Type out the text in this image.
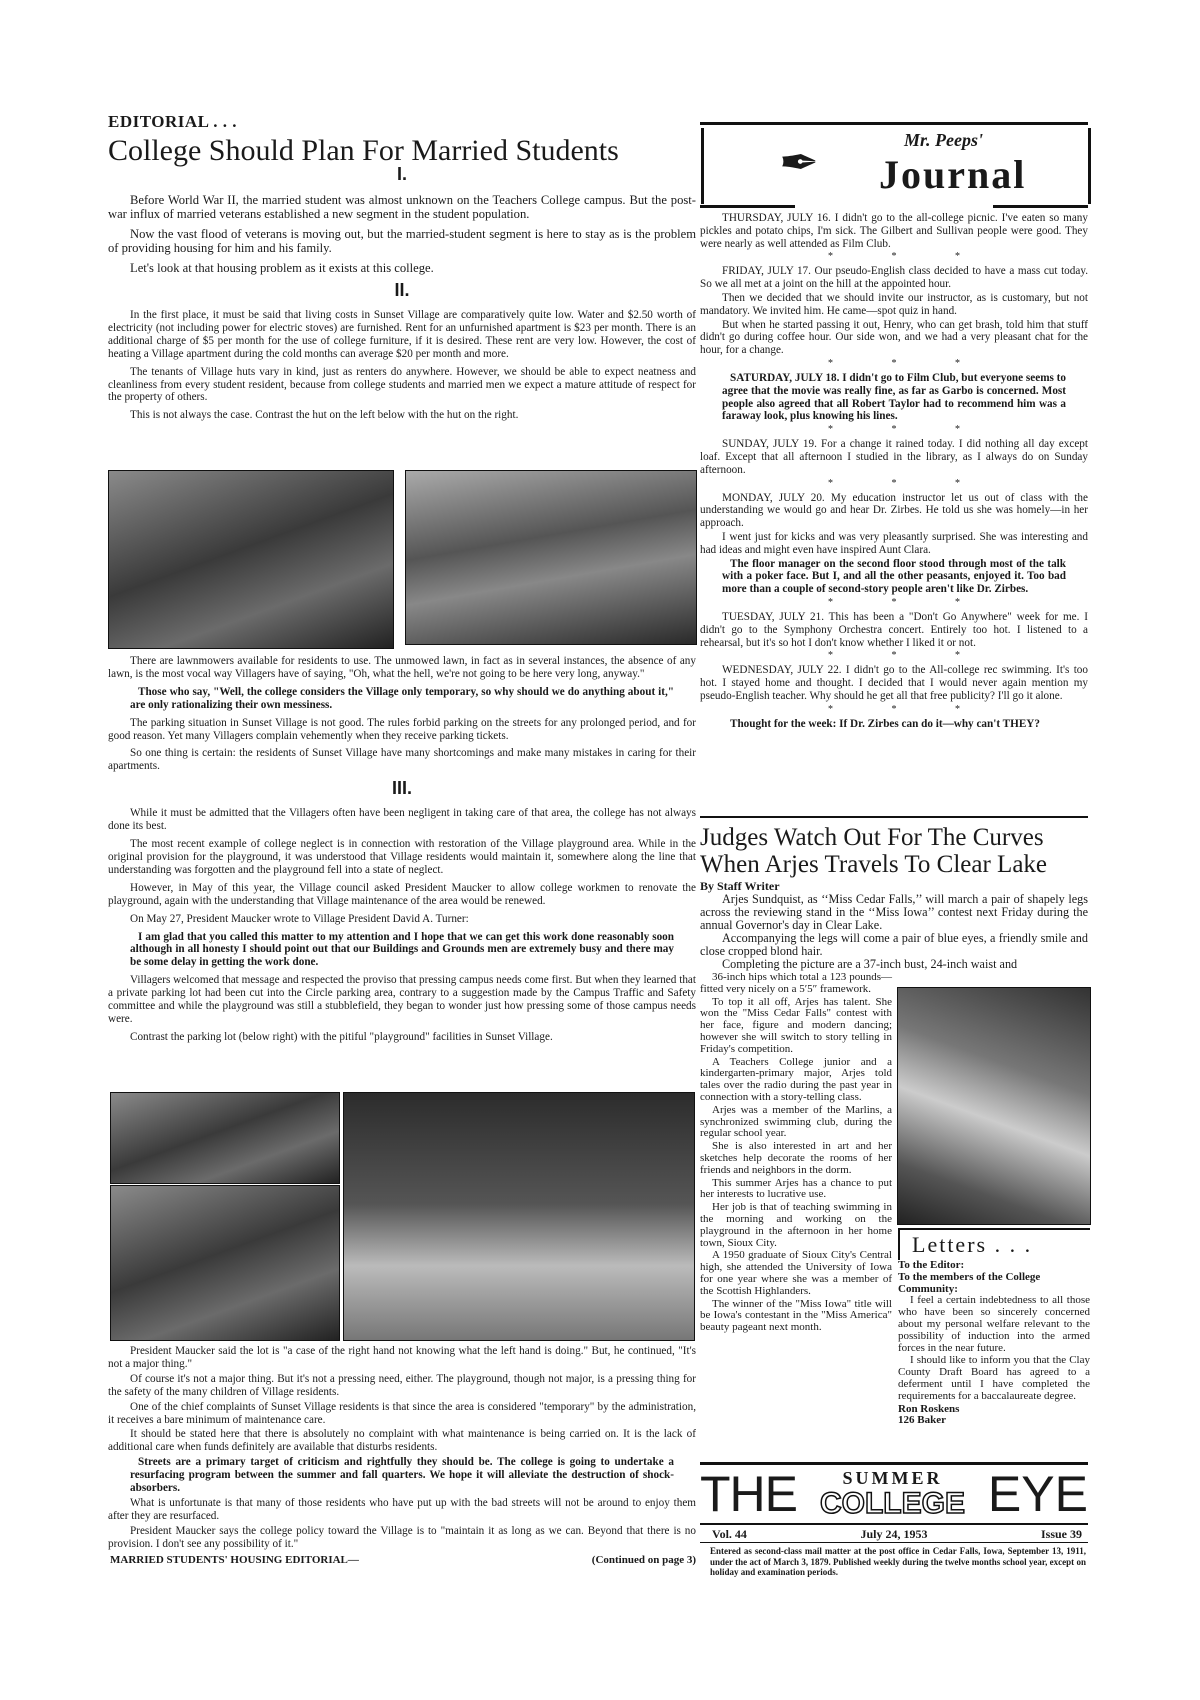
EDITORIAL . . .
College Should Plan For Married Students
I.
Before World War II, the married student was almost unknown on the Teachers College campus. But the post-war influx of married veterans established a new segment in the student population.
Now the vast flood of veterans is moving out, but the married-student segment is here to stay as is the problem of providing housing for him and his family.
Let's look at that housing problem as it exists at this college.
II.
In the first place, it must be said that living costs in Sunset Village are comparatively quite low. Water and $2.50 worth of electricity (not including power for electric stoves) are furnished. Rent for an unfurnished apartment is $23 per month. There is an additional charge of $5 per month for the use of college furniture, if it is desired. These rent are very low. However, the cost of heating a Village apartment during the cold months can average $20 per month and more.
The tenants of Village huts vary in kind, just as renters do anywhere. However, we should be able to expect neatness and cleanliness from every student resident, because from college students and married men we expect a mature attitude of respect for the property of others.
This is not always the case. Contrast the hut on the left below with the hut on the right.
There are lawnmowers available for residents to use. The unmowed lawn, in fact as in several instances, the absence of any lawn, is the most vocal way Villagers have of saying, "Oh, what the hell, we're not going to be here very long, anyway."
Those who say, "Well, the college considers the Village only temporary, so why should we do anything about it," are only rationalizing their own messiness.
The parking situation in Sunset Village is not good. The rules forbid parking on the streets for any prolonged period, and for good reason. Yet many Villagers complain vehemently when they receive parking tickets.
So one thing is certain: the residents of Sunset Village have many shortcomings and make many mistakes in caring for their apartments.
III.
While it must be admitted that the Villagers often have been negligent in taking care of that area, the college has not always done its best.
The most recent example of college neglect is in connection with restoration of the Village playground area. While in the original provision for the playground, it was understood that Village residents would maintain it, somewhere along the line that understanding was forgotten and the playground fell into a state of neglect.
However, in May of this year, the Village council asked President Maucker to allow college workmen to renovate the playground, again with the understanding that Village maintenance of the area would be renewed.
On May 27, President Maucker wrote to Village President David A. Turner:
I am glad that you called this matter to my attention and I hope that we can get this work done reasonably soon although in all honesty I should point out that our Buildings and Grounds men are extremely busy and there may be some delay in getting the work done.
Villagers welcomed that message and respected the proviso that pressing campus needs come first. But when they learned that a private parking lot had been cut into the Circle parking area, contrary to a suggestion made by the Campus Traffic and Safety committee and while the playground was still a stubblefield, they began to wonder just how pressing some of those campus needs were.
Contrast the parking lot (below right) with the pitiful "playground" facilities in Sunset Village.
President Maucker said the lot is "a case of the right hand not knowing what the left hand is doing." But, he continued, "It's not a major thing."
Of course it's not a major thing. But it's not a pressing need, either. The playground, though not major, is a pressing thing for the safety of the many children of Village residents.
One of the chief complaints of Sunset Village residents is that since the area is considered "temporary" by the administration, it receives a bare minimum of maintenance care.
It should be stated here that there is absolutely no complaint with what maintenance is being carried on. It is the lack of additional care when funds definitely are available that disturbs residents.
Streets are a primary target of criticism and rightfully they should be. The college is going to undertake a resurfacing program between the summer and fall quarters. We hope it will alleviate the destruction of shock-absorbers.
What is unfortunate is that many of those residents who have put up with the bad streets will not be around to enjoy them after they are resurfaced.
President Maucker says the college policy toward the Village is to "maintain it as long as we can. Beyond that there is no provision. I don't see any possibility of it."
MARRIED STUDENTS' HOUSING EDITORIAL—	(Continued on page 3)
✒	Mr. Peeps'
Journal
THURSDAY, JULY 16. I didn't go to the all-college picnic. I've eaten so many pickles and potato chips, I'm sick. The Gilbert and Sullivan people were good. They were nearly as well attended as Film Club.
* * *
FRIDAY, JULY 17. Our pseudo-English class decided to have a mass cut today. So we all met at a joint on the hill at the appointed hour.
Then we decided that we should invite our instructor, as is customary, but not mandatory. We invited him. He came—spot quiz in hand.
But when he started passing it out, Henry, who can get brash, told him that stuff didn't go during coffee hour. Our side won, and we had a very pleasant chat for the hour, for a change.
* * *
SATURDAY, JULY 18. I didn't go to Film Club, but everyone seems to agree that the movie was really fine, as far as Garbo is concerned. Most people also agreed that all Robert Taylor had to recommend him was a faraway look, plus knowing his lines.
* * *
SUNDAY, JULY 19. For a change it rained today. I did nothing all day except loaf. Except that all afternoon I studied in the library, as I always do on Sunday afternoon.
* * *
MONDAY, JULY 20. My education instructor let us out of class with the understanding we would go and hear Dr. Zirbes. He told us she was homely—in her approach.
I went just for kicks and was very pleasantly surprised. She was interesting and had ideas and might even have inspired Aunt Clara.
The floor manager on the second floor stood through most of the talk with a poker face. But I, and all the other peasants, enjoyed it. Too bad more than a couple of second-story people aren't like Dr. Zirbes.
* * *
TUESDAY, JULY 21. This has been a "Don't Go Anywhere" week for me. I didn't go to the Symphony Orchestra concert. Entirely too hot. I listened to a rehearsal, but it's so hot I don't know whether I liked it or not.
* * *
WEDNESDAY, JULY 22. I didn't go to the All-college rec swimming. It's too hot. I stayed home and thought. I decided that I would never again mention my pseudo-English teacher. Why should he get all that free publicity? I'll go it alone.
* * *
Thought for the week: If Dr. Zirbes can do it—why can't THEY?
Judges Watch Out For The Curves
When Arjes Travels To Clear Lake
By Staff Writer
Arjes Sundquist, as ‘‘Miss Cedar Falls,’’ will march a pair of shapely legs across the reviewing stand in the ‘‘Miss Iowa’’ contest next Friday during the annual Governor's day in Clear Lake.
Accompanying the legs will come a pair of blue eyes, a friendly smile and close cropped blond hair.
Completing the picture are a 37-inch bust, 24-inch waist and
36-inch hips which total a 123 pounds—fitted very nicely on a 5′5″ framework.
To top it all off, Arjes has talent. She won the "Miss Cedar Falls" contest with her face, figure and modern dancing; however she will switch to story telling in Friday's competition.
A Teachers College junior and a kindergarten-primary major, Arjes told tales over the radio during the past year in connection with a story-telling class.
Arjes was a member of the Marlins, a synchronized swimming club, during the regular school year.
She is also interested in art and her sketches help decorate the rooms of her friends and neighbors in the dorm.
This summer Arjes has a chance to put her interests to lucrative use.
Her job is that of teaching swimming in the morning and working on the playground in the afternoon in her home town, Sioux City.
A 1950 graduate of Sioux City's Central high, she attended the University of Iowa for one year where she was a member of the Scottish Highlanders.
The winner of the "Miss Iowa" title will be Iowa's contestant in the "Miss America" beauty pageant next month.
Letters . . .
To the Editor:
To the members of the College Community:
I feel a certain indebtedness to all those who have been so sincerely concerned about my personal welfare relevant to the possibility of induction into the armed forces in the near future.
I should like to inform you that the Clay County Draft Board has agreed to a deferment until I have completed the requirements for a baccalaureate degree.
Ron Roskens
126 Baker
THE	SUMMER
COLLEGE EYE
Vol. 44	July 24, 1953	Issue 39
Entered as second-class mail matter at the post office in Cedar Falls, Iowa, September 13, 1911, under the act of March 3, 1879. Published weekly during the twelve months school year, except on holiday and examination periods.
